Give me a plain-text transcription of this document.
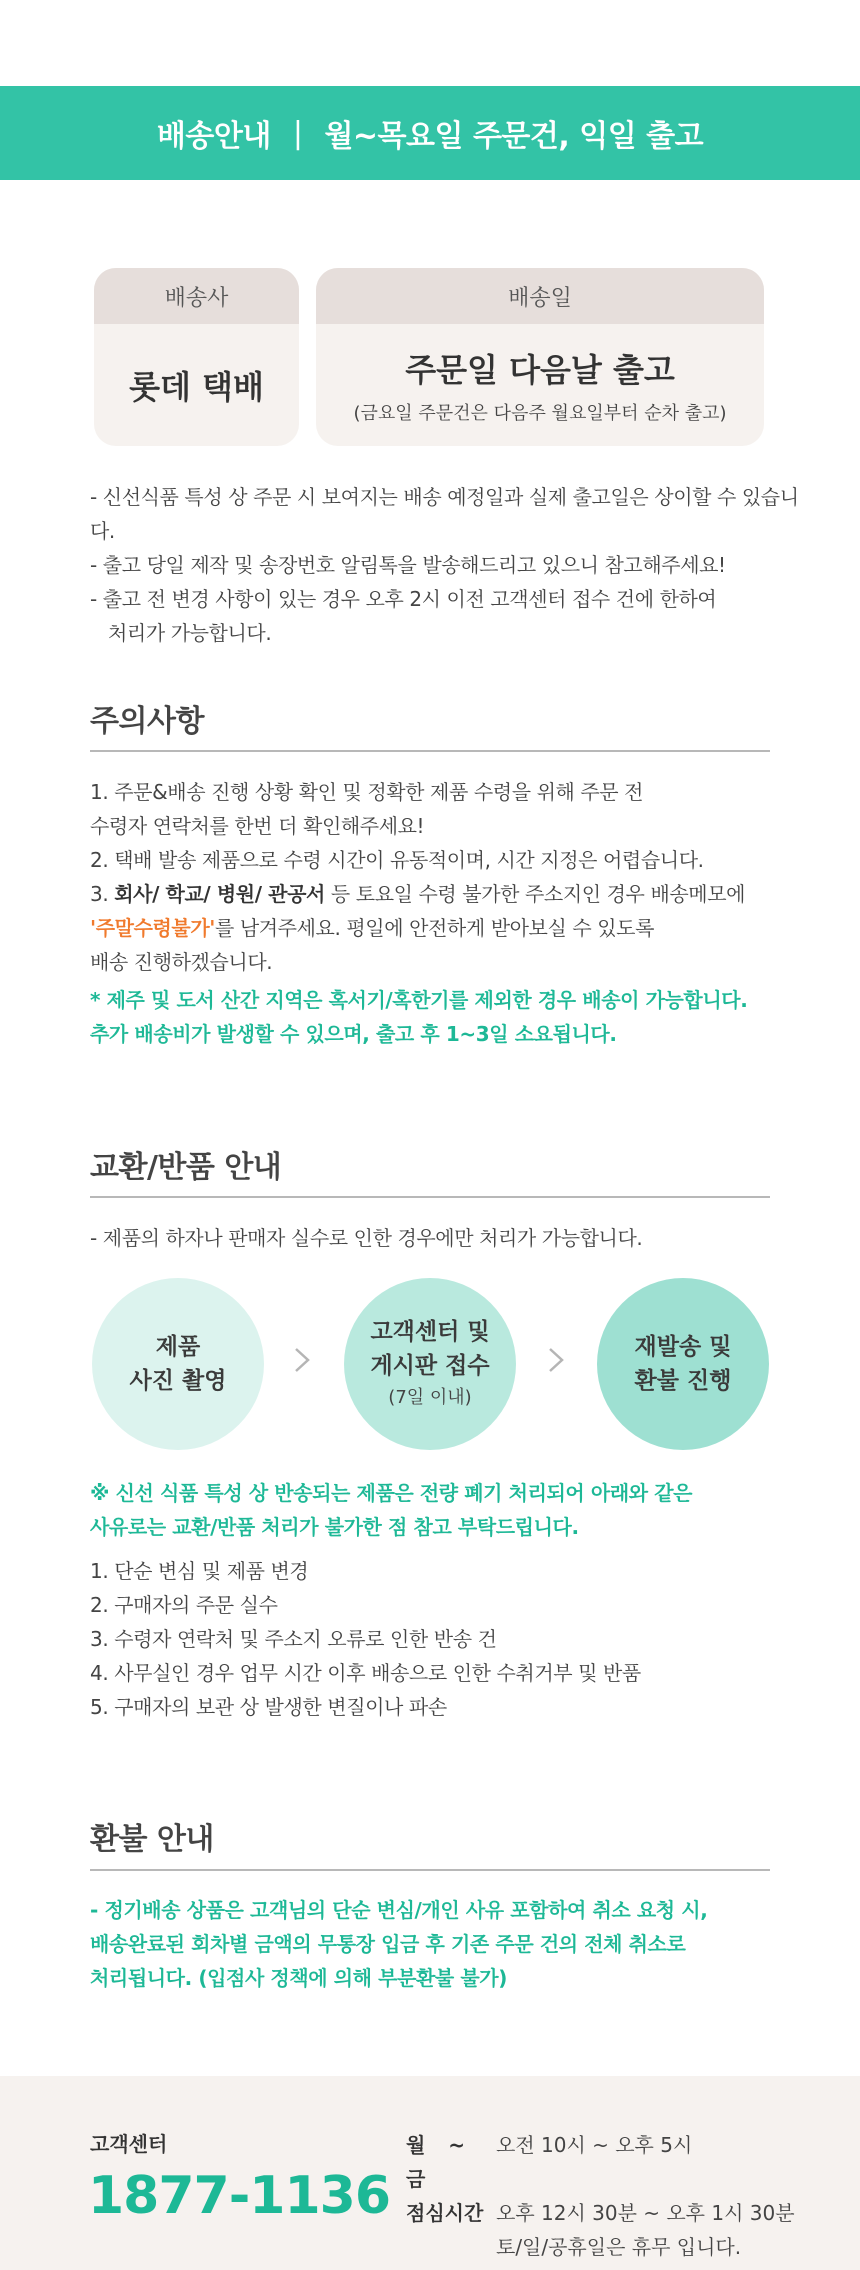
배송안내 | 월~목요일 주문건, 익일 출고
배송사
롯데 택배
배송일
주문일 다음날 출고
(금요일 주문건은 다음주 월요일부터 순차 출고)
- 신선식품 특성 상 주문 시 보여지는 배송 예정일과 실제 출고일은 상이할 수 있습니다.
- 출고 당일 제작 및 송장번호 알림톡을 발송해드리고 있으니 참고해주세요!
- 출고 전 변경 사항이 있는 경우 오후 2시 이전 고객센터 접수 건에 한하여
처리가 가능합니다.
주의사항
1. 주문&배송 진행 상황 확인 및 정확한 제품 수령을 위해 주문 전
수령자 연락처를 한번 더 확인해주세요!
2. 택배 발송 제품으로 수령 시간이 유동적이며, 시간 지정은 어렵습니다.
3. 회사/ 학교/ 병원/ 관공서 등 토요일 수령 불가한 주소지인 경우 배송메모에
'주말수령불가'를 남겨주세요. 평일에 안전하게 받아보실 수 있도록
배송 진행하겠습니다.
* 제주 및 도서 산간 지역은 혹서기/혹한기를 제외한 경우 배송이 가능합니다.
추가 배송비가 발생할 수 있으며, 출고 후 1~3일 소요됩니다.
교환/반품 안내
- 제품의 하자나 판매자 실수로 인한 경우에만 처리가 가능합니다.
제품
사진 촬영
고객센터 및
게시판 접수
(7일 이내)
재발송 및
환불 진행
※ 신선 식품 특성 상 반송되는 제품은 전량 폐기 처리되어 아래와 같은
사유로는 교환/반품 처리가 불가한 점 참고 부탁드립니다.
1. 단순 변심 및 제품 변경
2. 구매자의 주문 실수
3. 수령자 연락처 및 주소지 오류로 인한 반송 건
4. 사무실인 경우 업무 시간 이후 배송으로 인한 수취거부 및 반품
5. 구매자의 보관 상 발생한 변질이나 파손
환불 안내
- 정기배송 상품은 고객님의 단순 변심/개인 사유 포함하여 취소 요청 시,
배송완료된 회차별 금액의 무통장 입금 후 기존 주문 건의 전체 취소로
처리됩니다. (입점사 정책에 의해 부분환불 불가)
고객센터
1877-1136
월 ~ 금
오전 10시 ~ 오후 5시
점심시간 오후 12시 30분 ~ 오후 1시 30분
토/일/공휴일은 휴무 입니다.
